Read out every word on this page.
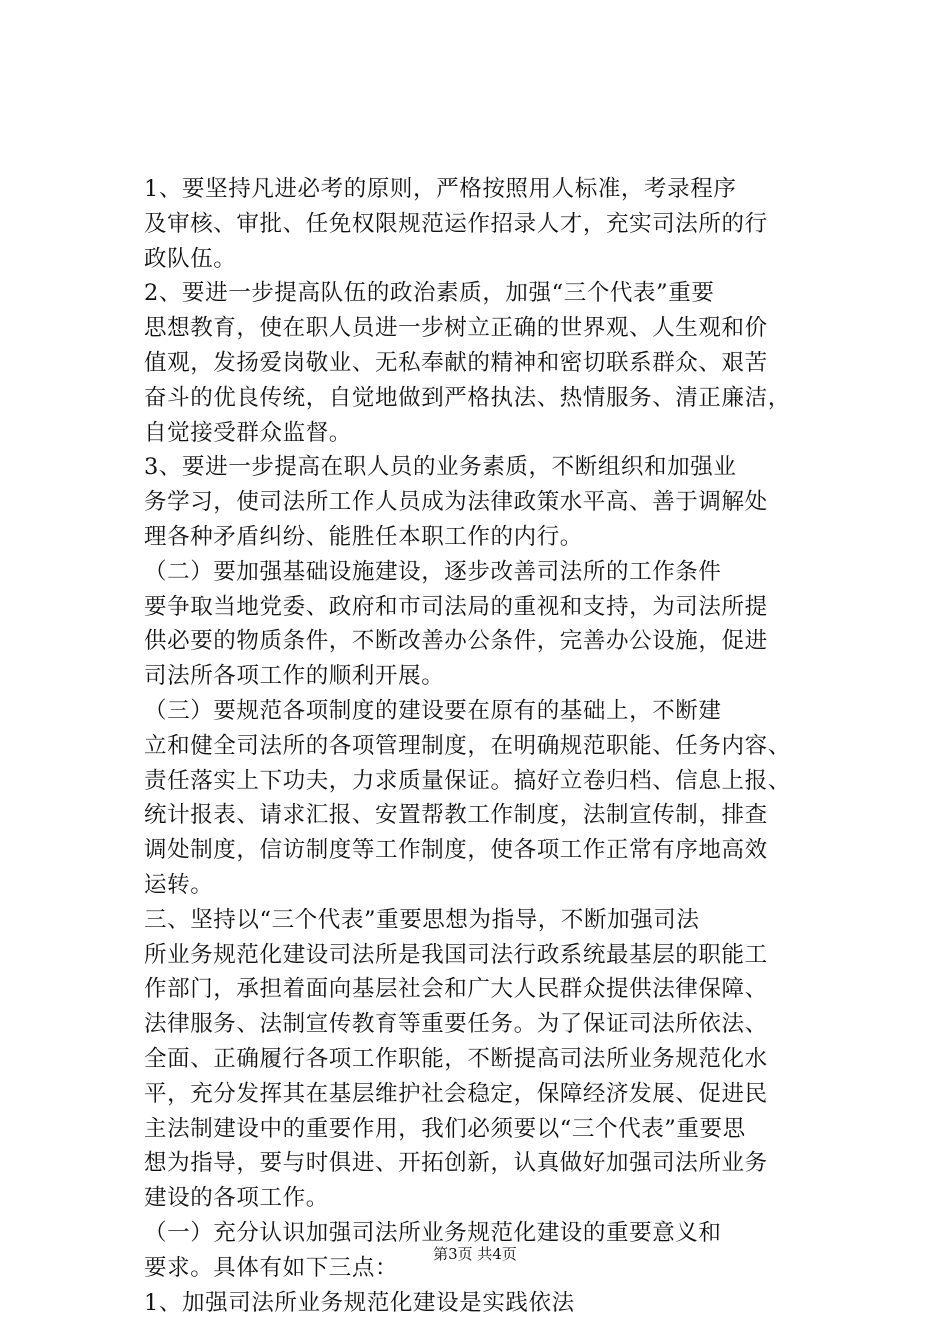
1、要坚持凡进必考的原则，严格按照用人标准，考录程序
及审核、审批、任免权限规范运作招录人才，充实司法所的行
政队伍。
2、要进一步提高队伍的政治素质，加强“三个代表”重要
思想教育，使在职人员进一步树立正确的世界观、人生观和价
值观，发扬爱岗敬业、无私奉献的精神和密切联系群众、艰苦
奋斗的优良传统，自觉地做到严格执法、热情服务、清正廉洁，
自觉接受群众监督。
3、要进一步提高在职人员的业务素质，不断组织和加强业
务学习，使司法所工作人员成为法律政策水平高、善于调解处
理各种矛盾纠纷、能胜任本职工作的内行。
（二）要加强基础设施建设，逐步改善司法所的工作条件
要争取当地党委、政府和市司法局的重视和支持，为司法所提
供必要的物质条件，不断改善办公条件，完善办公设施，促进
司法所各项工作的顺利开展。
（三）要规范各项制度的建设要在原有的基础上，不断建
立和健全司法所的各项管理制度，在明确规范职能、任务内容、
责任落实上下功夫，力求质量保证。搞好立卷归档、信息上报、
统计报表、请求汇报、安置帮教工作制度，法制宣传制，排查
调处制度，信访制度等工作制度，使各项工作正常有序地高效
运转。
三、坚持以“三个代表”重要思想为指导，不断加强司法
所业务规范化建设司法所是我国司法行政系统最基层的职能工
作部门，承担着面向基层社会和广大人民群众提供法律保障、
法律服务、法制宣传教育等重要任务。为了保证司法所依法、
全面、正确履行各项工作职能，不断提高司法所业务规范化水
平，充分发挥其在基层维护社会稳定，保障经济发展、促进民
主法制建设中的重要作用，我们必须要以“三个代表”重要思
想为指导，要与时俱进、开拓创新，认真做好加强司法所业务
建设的各项工作。
（一）充分认识加强司法所业务规范化建设的重要意义和
要求。具体有如下三点：
1、加强司法所业务规范化建设是实践依法
第3页 共4页
